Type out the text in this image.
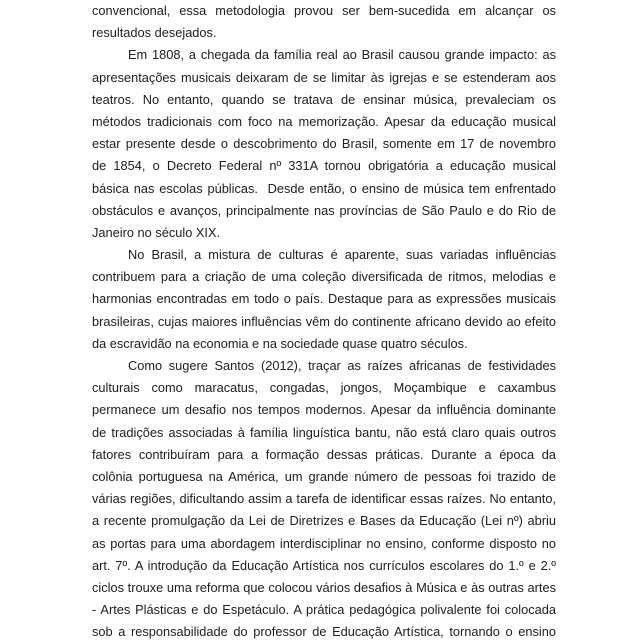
convencional, essa metodologia provou ser bem-sucedida em alcançar os
resultados desejados.
Em 1808, a chegada da família real ao Brasil causou grande impacto: as
apresentações musicais deixaram de se limitar às igrejas e se estenderam aos
teatros. No entanto, quando se tratava de ensinar música, prevaleciam os
métodos tradicionais com foco na memorização. Apesar da educação musical
estar presente desde o descobrimento do Brasil, somente em 17 de novembro
de 1854, o Decreto Federal nº 331A tornou obrigatória a educação musical
básica nas escolas públicas.  Desde então, o ensino de música tem enfrentado
obstáculos e avanços, principalmente nas províncias de São Paulo e do Rio de
Janeiro no século XIX.
No Brasil, a mistura de culturas é aparente, suas variadas influências
contribuem para a criação de uma coleção diversificada de ritmos, melodias e
harmonias encontradas em todo o país. Destaque para as expressões musicais
brasileiras, cujas maiores influências vêm do continente africano devido ao efeito
da escravidão na economia e na sociedade quase quatro séculos.
Como sugere Santos (2012), traçar as raízes africanas de festividades
culturais como maracatus, congadas, jongos, Moçambique e caxambus
permanece um desafio nos tempos modernos. Apesar da influência dominante
de tradições associadas à família linguística bantu, não está claro quais outros
fatores contribuíram para a formação dessas práticas. Durante a época da
colônia portuguesa na América, um grande número de pessoas foi trazido de
várias regiões, dificultando assim a tarefa de identificar essas raízes. No entanto,
a recente promulgação da Lei de Diretrizes e Bases da Educação (Lei nº) abriu
as portas para uma abordagem interdisciplinar no ensino, conforme disposto no
art. 7º. A introdução da Educação Artística nos currículos escolares do 1.º e 2.º
ciclos trouxe uma reforma que colocou vários desafios à Música e às outras artes
- Artes Plásticas e do Espetáculo. A prática pedagógica polivalente foi colocada
sob a responsabilidade do professor de Educação Artística, tornando o ensino
